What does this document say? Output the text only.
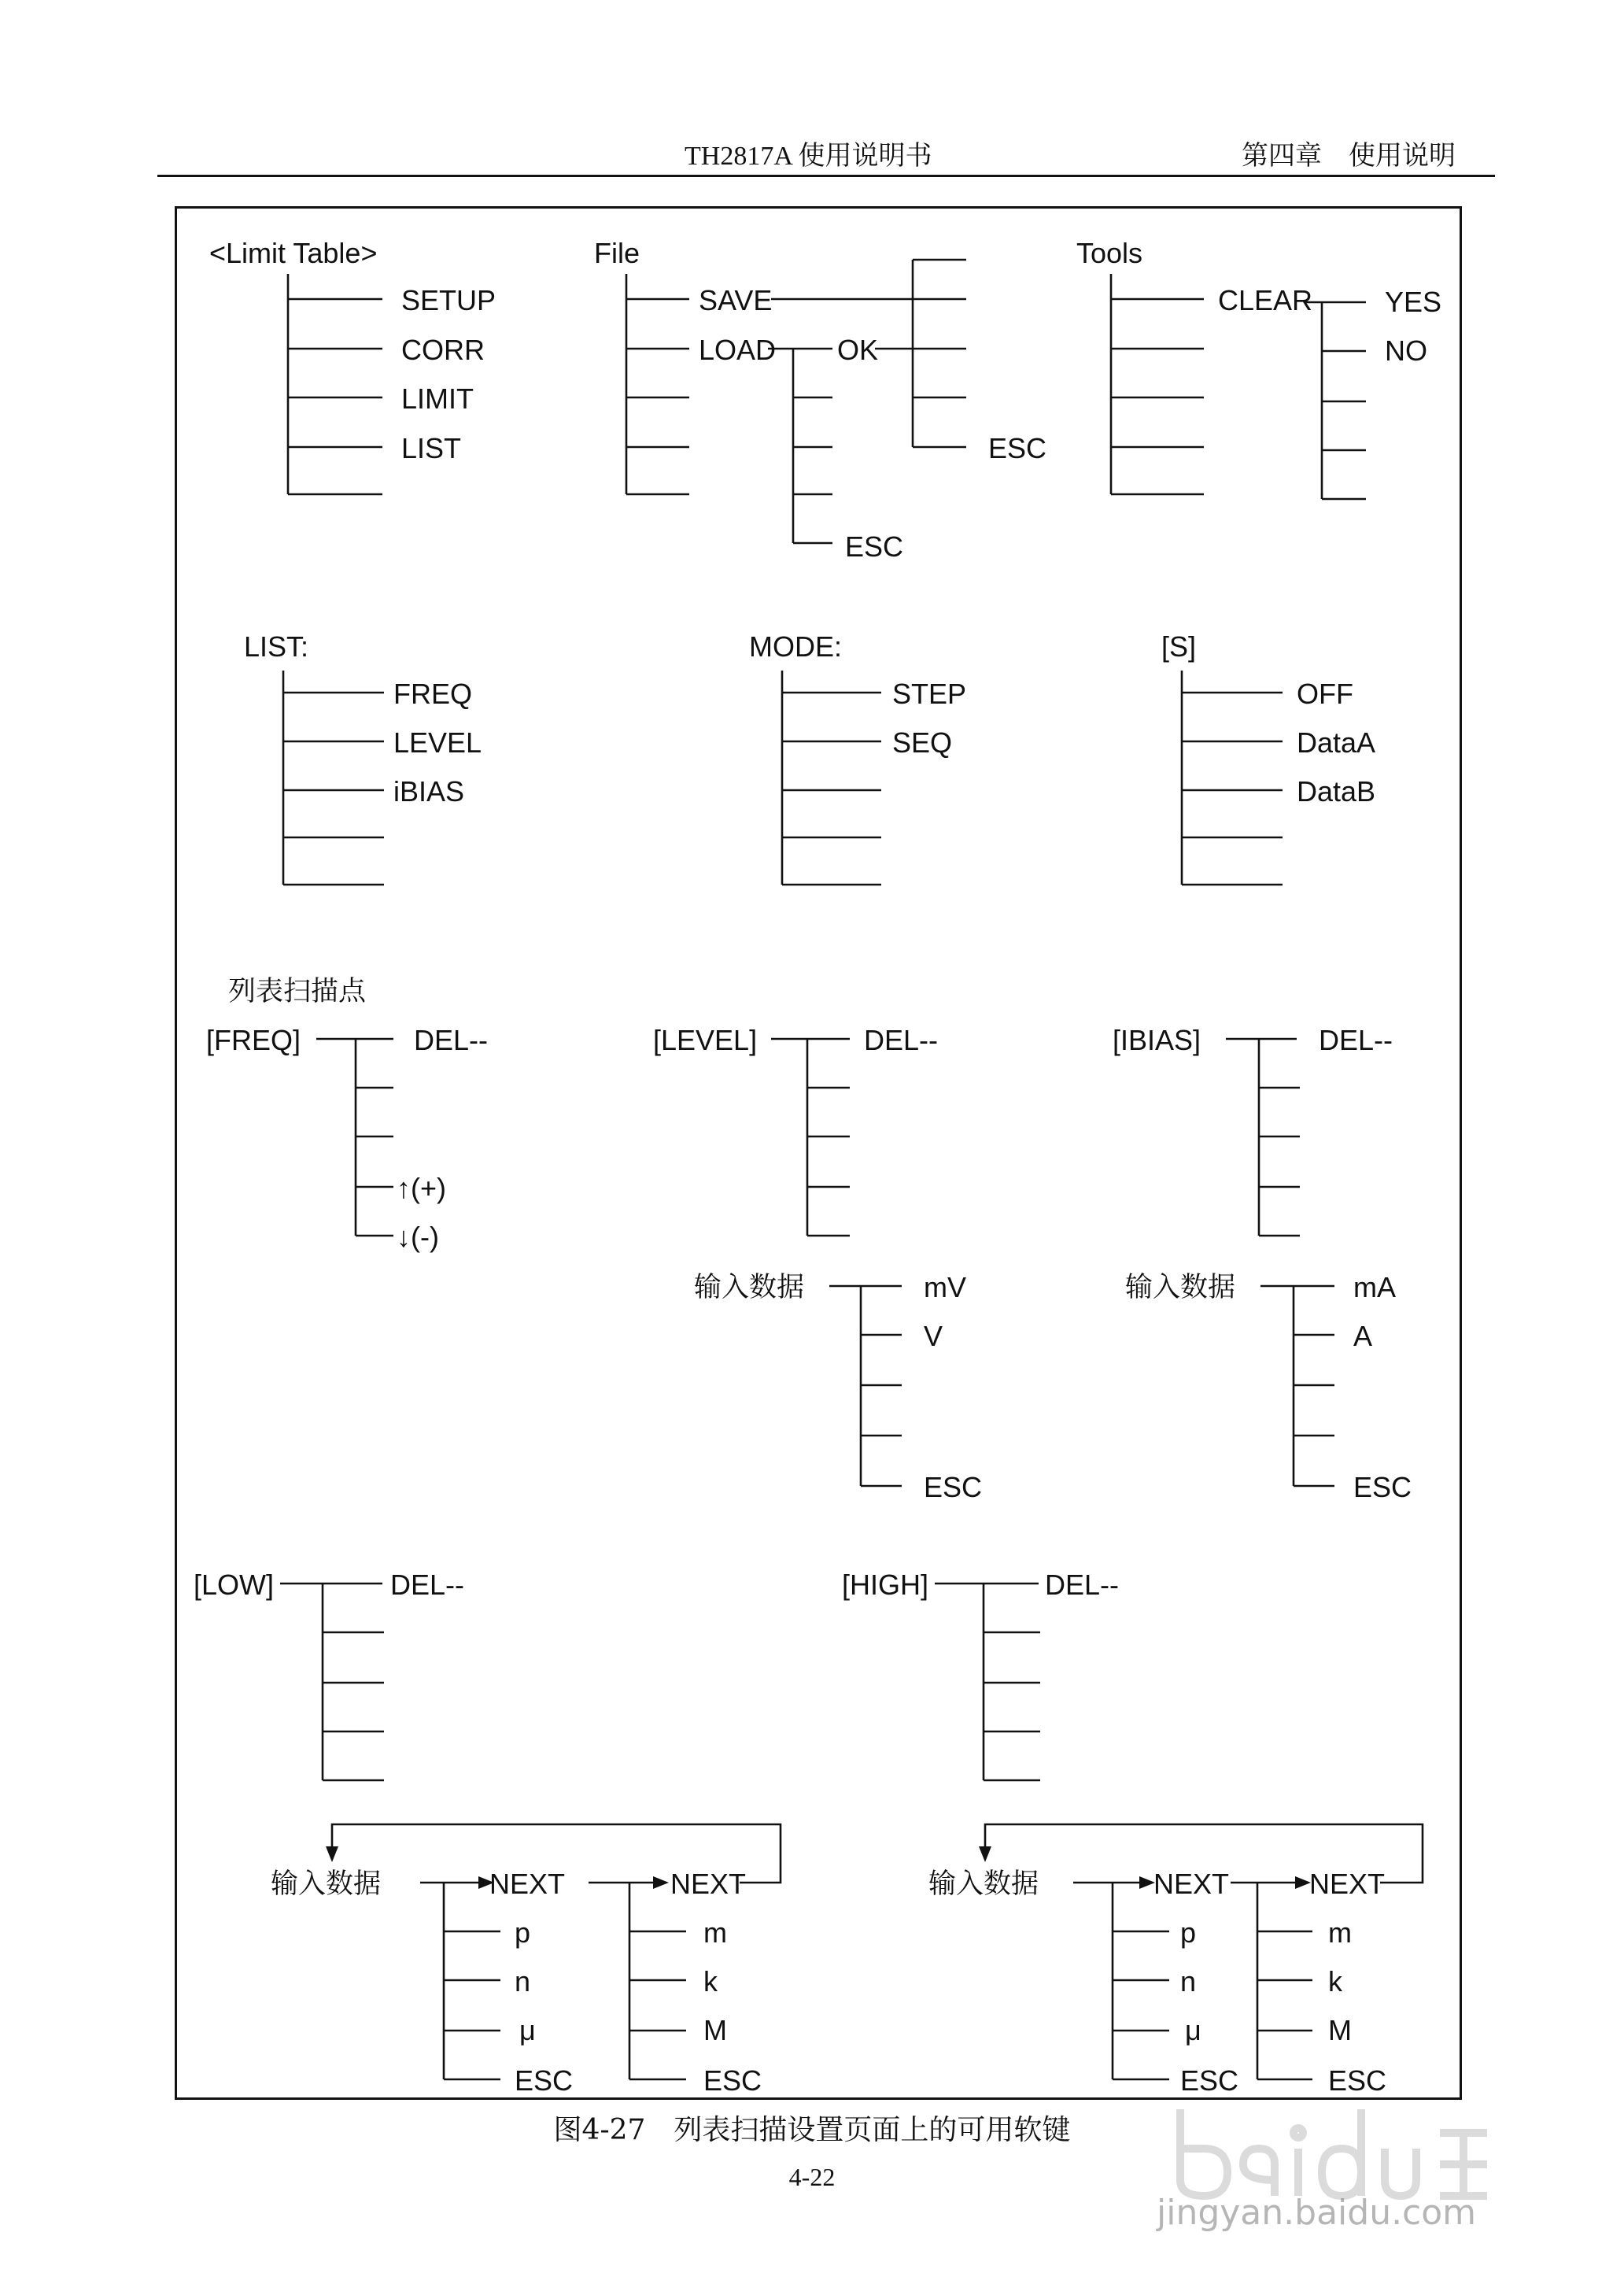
TH2817A 使用说明书	第四章　使用说明
<Limit Table>
SETUP
CORR
LIMIT
LIST
File
SAVE
LOAD OK
ESC
ESC
Tools
CLEAR	YES
NO
LIST:
FREQ
LEVEL
iBIAS
MODE:
STEP
SEQ
[S]
OFF
DataA
DataB
列表扫描点
[FREQ]	DEL--
↑(+)
↓(-)
[LEVEL]	DEL--
输入数据	mV
V
ESC
[IBIAS]	DEL--
输入数据	mA
A
ESC
[LOW]	DEL--	[HIGH]	DEL--
输入数据	NEXT	NEXT
p
n
μ
ESC
m
k
M
ESC
输入数据	NEXT	NEXT
p
n
μ
ESC
m
k
M
ESC
图4-27　列表扫描设置页面上的可用软键
4-22
jingyan.baidu.com
